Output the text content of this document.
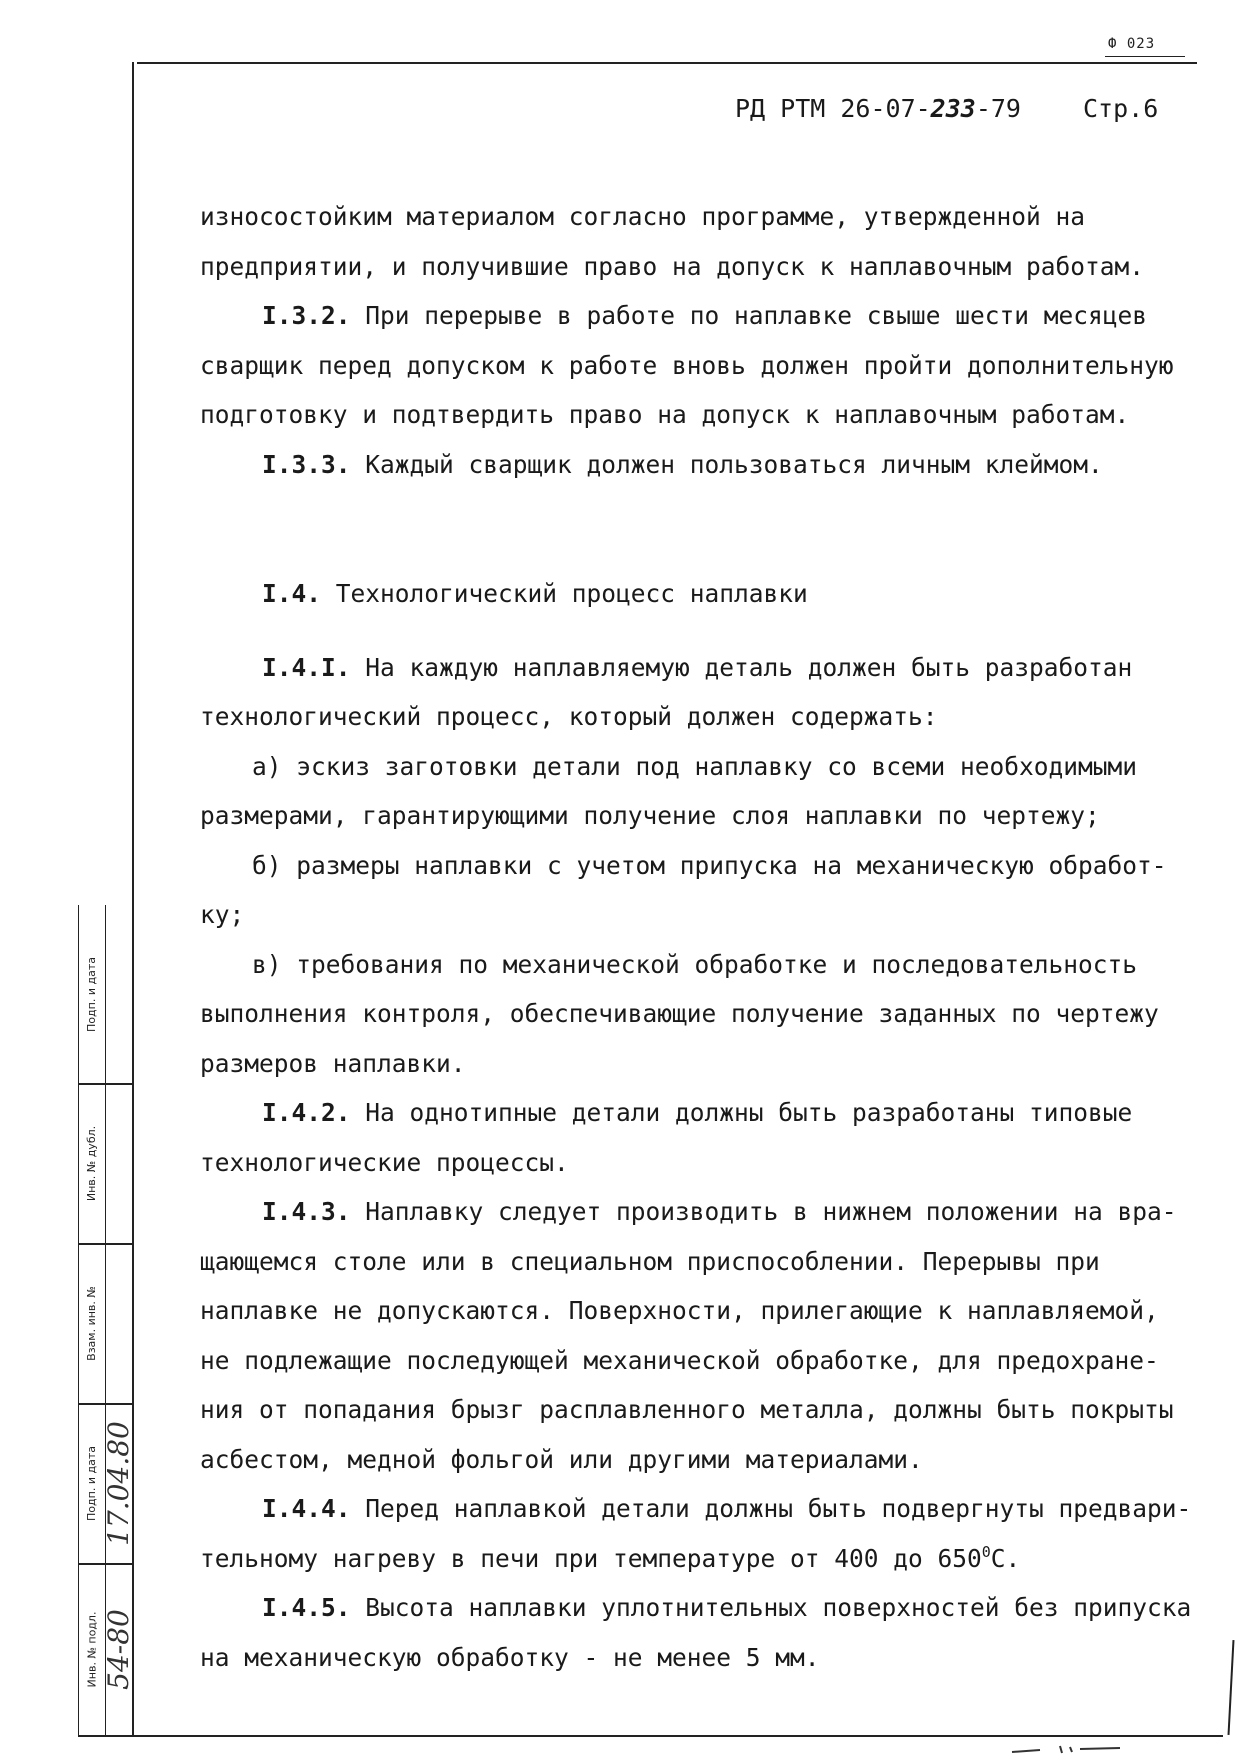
Ф 023
РД РТМ 26-07-233-79 Стр.6
износостойким материалом согласно программе, утвержденной на
предприятии, и получившие право на допуск к наплавочным работам.
I.3.2. При перерыве в работе по наплавке свыше шести месяцев
сварщик перед допуском к работе вновь должен пройти дополнительную
подготовку и подтвердить право на допуск к наплавочным работам.
I.3.3. Каждый сварщик должен пользоваться личным клеймом.
I.4. Технологический процесс наплавки
I.4.I. На каждую наплавляемую деталь должен быть разработан
технологический процесс, который должен содержать:
а) эскиз заготовки детали под наплавку со всеми необходимыми
размерами, гарантирующими получение слоя наплавки по чертежу;
б) размеры наплавки с учетом припуска на механическую обработ-
ку;
в) требования по механической обработке и последовательность
выполнения контроля, обеспечивающие получение заданных по чертежу
размеров наплавки.
I.4.2. На однотипные детали должны быть разработаны типовые
технологические процессы.
I.4.3. Наплавку следует производить в нижнем положении на вра-
щающемся столе или в специальном приспособлении. Перерывы при
наплавке не допускаются. Поверхности, прилегающие к наплавляемой,
не подлежащие последующей механической обработке, для предохране-
ния от попадания брызг расплавленного металла, должны быть покрыты
асбестом, медной фольгой или другими материалами.
I.4.4. Перед наплавкой детали должны быть подвергнуты предвари-
тельному нагреву в печи при температуре от 400 до $650^0С$.
I.4.5. Высота наплавки уплотнительных поверхностей без припуска
на механическую обработку - не менее 5 мм.
Подп. и дата
Инв. № дубл.
Взам. инв. №
Подп. и дата
Инв. № подл.
17.04.80
54-80
